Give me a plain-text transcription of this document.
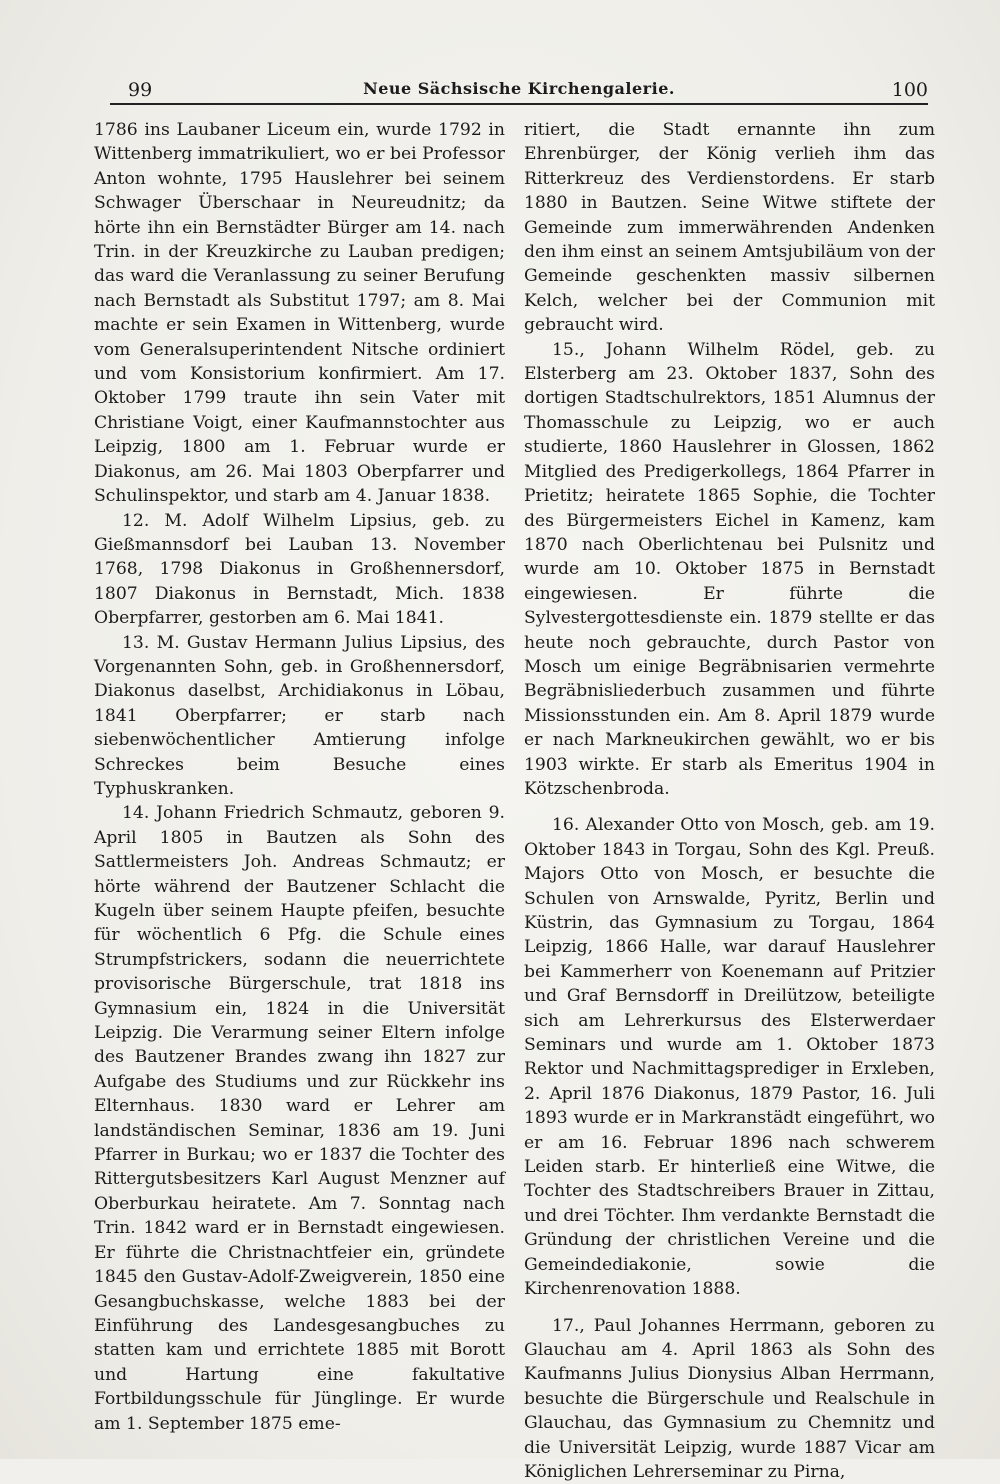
99	Neue Sächsische Kirchengalerie.	100

1786 ins Laubaner Liceum ein, wurde 1792 in Wittenberg immatrikuliert, wo er bei Professor Anton wohnte, 1795 Hauslehrer bei seinem Schwager Überschaar in Neureudnitz; da hörte ihn ein Bernstädter Bürger am 14. nach Trin. in der Kreuzkirche zu Lauban predigen; das ward die Veranlassung zu seiner Berufung nach Bernstadt als Substitut 1797; am 8. Mai machte er sein Examen in Wittenberg, wurde vom Generalsuperintendent Nitsche ordiniert und vom Konsistorium konfirmiert. Am 17. Oktober 1799 traute ihn sein Vater mit Christiane Voigt, einer Kaufmannstochter aus Leipzig, 1800 am 1. Februar wurde er Diakonus, am 26. Mai 1803 Oberpfarrer und Schulinspektor, und starb am 4. Januar 1838.

12. M. Adolf Wilhelm Lipsius, geb. zu Gießmannsdorf bei Lauban 13. November 1768, 1798 Diakonus in Großhennersdorf, 1807 Diakonus in Bernstadt, Mich. 1838 Oberpfarrer, gestorben am 6. Mai 1841.

13. M. Gustav Hermann Julius Lipsius, des Vorgenannten Sohn, geb. in Großhennersdorf, Diakonus daselbst, Archidiakonus in Löbau, 1841 Oberpfarrer; er starb nach siebenwöchentlicher Amtierung infolge Schreckes beim Besuche eines Typhuskranken.

14. Johann Friedrich Schmautz, geboren 9. April 1805 in Bautzen als Sohn des Sattlermeisters Joh. Andreas Schmautz; er hörte während der Bautzener Schlacht die Kugeln über seinem Haupte pfeifen, besuchte für wöchentlich 6 Pfg. die Schule eines Strumpfstrickers, sodann die neuerrichtete provisorische Bürgerschule, trat 1818 ins Gymnasium ein, 1824 in die Universität Leipzig. Die Verarmung seiner Eltern infolge des Bautzener Brandes zwang ihn 1827 zur Aufgabe des Studiums und zur Rückkehr ins Elternhaus. 1830 ward er Lehrer am landständischen Seminar, 1836 am 19. Juni Pfarrer in Burkau; wo er 1837 die Tochter des Rittergutsbesitzers Karl August Menzner auf Oberburkau heiratete. Am 7. Sonntag nach Trin. 1842 ward er in Bernstadt eingewiesen. Er führte die Christnachtfeier ein, gründete 1845 den Gustav-Adolf-Zweigverein, 1850 eine Gesangbuchskasse, welche 1883 bei der Einführung des Landesgesangbuches zu statten kam und errichtete 1885 mit Borott und Hartung eine fakultative Fortbildungsschule für Jünglinge. Er wurde am 1. September 1875 eme-

ritiert, die Stadt ernannte ihn zum Ehrenbürger, der König verlieh ihm das Ritterkreuz des Verdienstordens. Er starb 1880 in Bautzen. Seine Witwe stiftete der Gemeinde zum immerwährenden Andenken den ihm einst an seinem Amtsjubiläum von der Gemeinde geschenkten massiv silbernen Kelch, welcher bei der Communion mit gebraucht wird.

15., Johann Wilhelm Rödel, geb. zu Elsterberg am 23. Oktober 1837, Sohn des dortigen Stadtschulrektors, 1851 Alumnus der Thomasschule zu Leipzig, wo er auch studierte, 1860 Hauslehrer in Glossen, 1862 Mitglied des Predigerkollegs, 1864 Pfarrer in Prietitz; heiratete 1865 Sophie, die Tochter des Bürgermeisters Eichel in Kamenz, kam 1870 nach Oberlichtenau bei Pulsnitz und wurde am 10. Oktober 1875 in Bernstadt eingewiesen. Er führte die Sylvestergottesdienste ein. 1879 stellte er das heute noch gebrauchte, durch Pastor von Mosch um einige Begräbnisarien vermehrte Begräbnisliederbuch zusammen und führte Missionsstunden ein. Am 8. April 1879 wurde er nach Markneukirchen gewählt, wo er bis 1903 wirkte. Er starb als Emeritus 1904 in Kötzschenbroda.

16. Alexander Otto von Mosch, geb. am 19. Oktober 1843 in Torgau, Sohn des Kgl. Preuß. Majors Otto von Mosch, er besuchte die Schulen von Arnswalde, Pyritz, Berlin und Küstrin, das Gymnasium zu Torgau, 1864 Leipzig, 1866 Halle, war darauf Hauslehrer bei Kammerherr von Koenemann auf Pritzier und Graf Bernsdorff in Dreilützow, beteiligte sich am Lehrerkursus des Elsterwerdaer Seminars und wurde am 1. Oktober 1873 Rektor und Nachmittagsprediger in Erxleben, 2. April 1876 Diakonus, 1879 Pastor, 16. Juli 1893 wurde er in Markranstädt eingeführt, wo er am 16. Februar 1896 nach schwerem Leiden starb. Er hinterließ eine Witwe, die Tochter des Stadtschreibers Brauer in Zittau, und drei Töchter. Ihm verdankte Bernstadt die Gründung der christlichen Vereine und die Gemeindediakonie, sowie die Kirchenrenovation 1888.

17., Paul Johannes Herrmann, geboren zu Glauchau am 4. April 1863 als Sohn des Kaufmanns Julius Dionysius Alban Herrmann, besuchte die Bürgerschule und Realschule in Glauchau, das Gymnasium zu Chemnitz und die Universität Leipzig, wurde 1887 Vicar am Königlichen Lehrerseminar zu Pirna,
